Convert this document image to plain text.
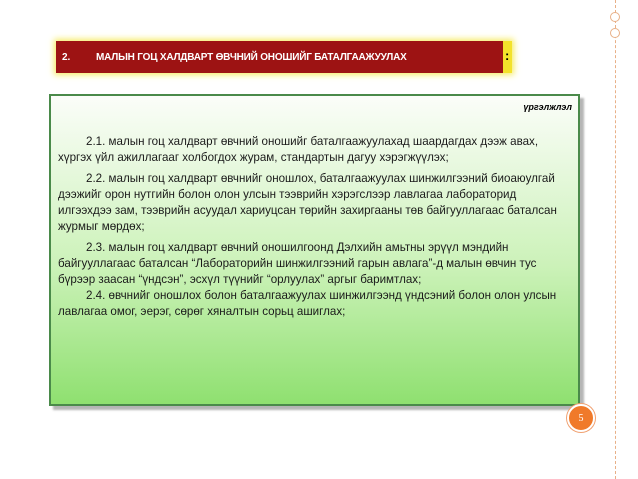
2.	МАЛЫН ГОЦ ХАЛДВАРТ ӨВЧНИЙ ОНОШИЙГ БАТАЛГААЖУУЛАХ	:
үргэлжлэл

2.1. малын гоц халдварт өвчний оношийг баталгаажуулахад шаардагдах дээж авах, хүргэх үйл ажиллагааг холбогдох журам, стандартын дагуу хэрэгжүүлэх;

2.2. малын гоц халдварт өвчнийг оношлох, баталгаажуулах шинжилгээний биоаюулгай дээжийг орон нутгийн болон олон улсын тээврийн хэрэгслээр лавлагаа лабораторид илгээхдээ зам, тээврийн асуудал хариуцсан төрийн захиргааны төв байгууллагаас баталсан журмыг мөрдөх;

2.3. малын гоц халдварт өвчний оношилгоонд Дэлхийн амьтны эрүүл мэндийн байгууллагаас баталсан “Лабораторийн шинжилгээний гарын авлага”-д малын өвчин тус бүрээр заасан “үндсэн”, эсхүл түүнийг “орлуулах” аргыг баримтлах;

2.4. өвчнийг оношлох болон баталгаажуулах шинжилгээнд үндсэний болон олон улсын лавлагаа омог, эерэг, сөрөг хяналтын сорьц ашиглах;

5
